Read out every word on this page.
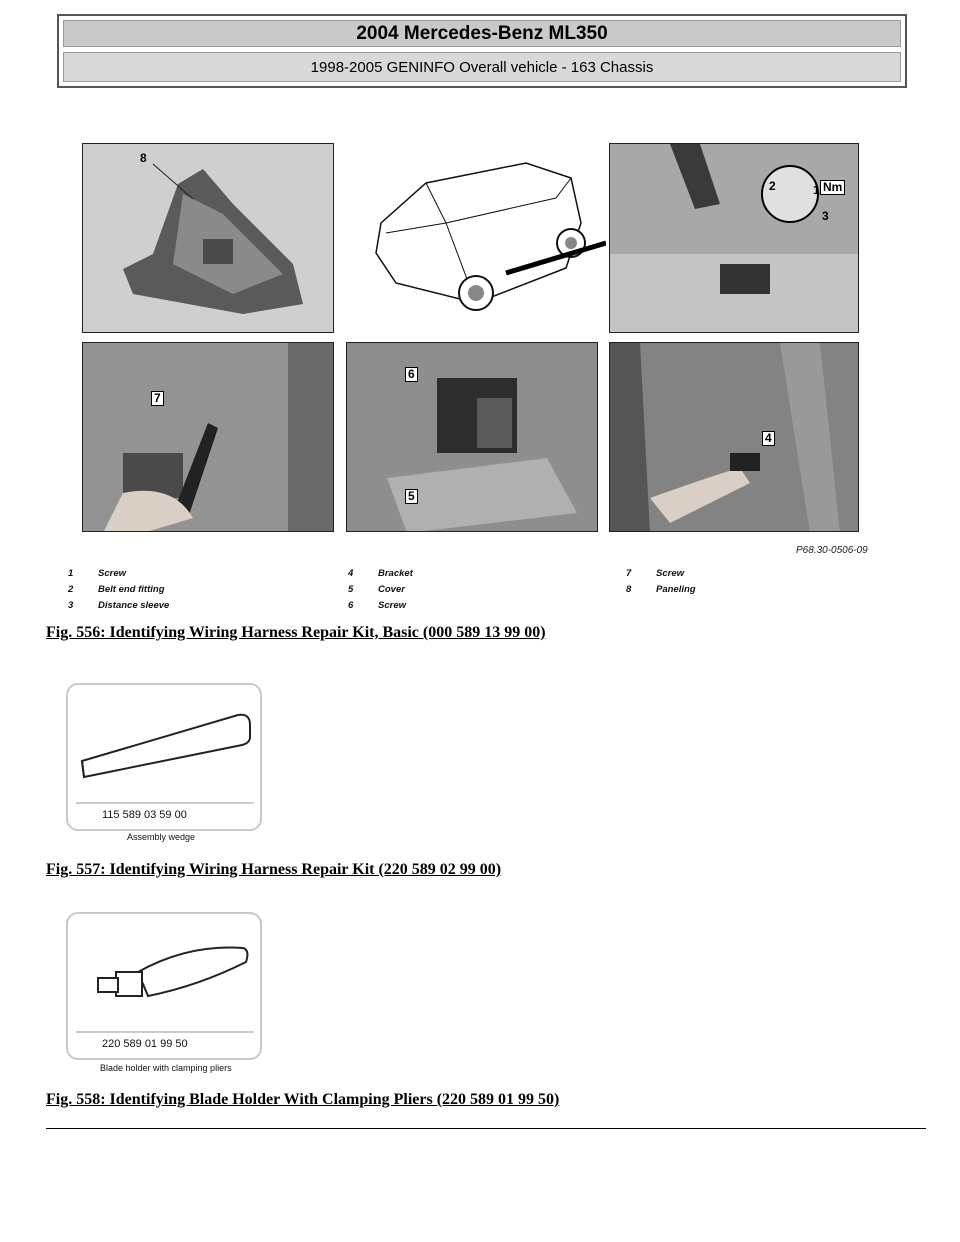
2004 Mercedes-Benz ML350
1998-2005 GENINFO Overall vehicle - 163 Chassis
8
2	1 Nm
3
7
6
5
4
P68.30-0506-09
1	Screw
2	Belt end fitting
3	Distance sleeve
4	Bracket
5	Cover
6	Screw
7	Screw
8	Paneling
Fig. 556: Identifying Wiring Harness Repair Kit, Basic (000 589 13 99 00)
115 589 03 59 00
Assembly wedge
Fig. 557: Identifying Wiring Harness Repair Kit (220 589 02 99 00)
220 589 01 99 50
Blade holder with clamping pliers
Fig. 558: Identifying Blade Holder With Clamping Pliers (220 589 01 99 50)
